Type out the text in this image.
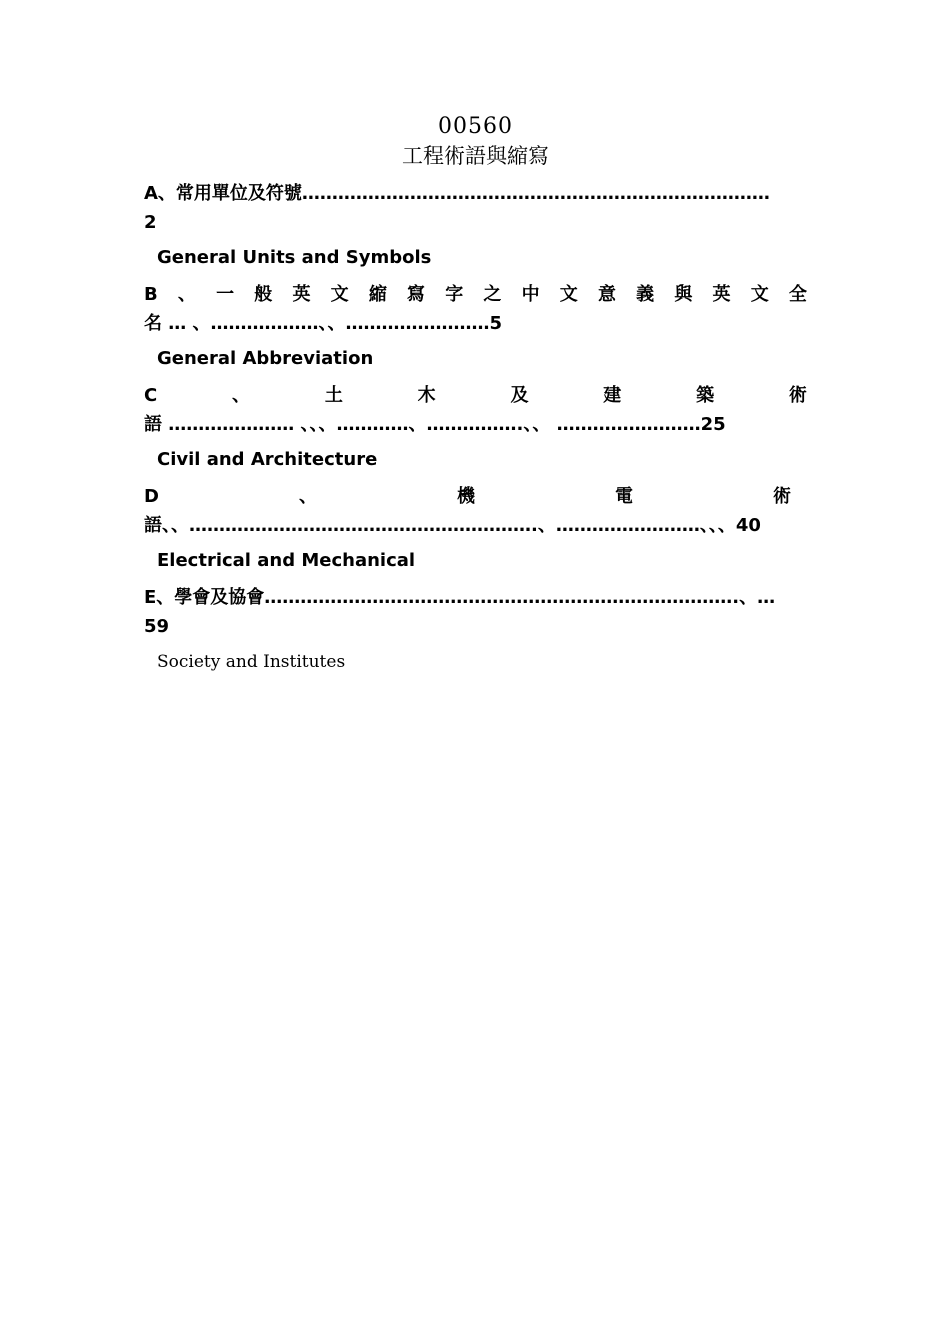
00560
工程術語與縮寫
A、常用單位及符號……………………………………………………………………
2
General Units and Symbols
B 、 一 般 英 文 縮 寫 字 之 中 文 意 義 與 英 文 全
名 … 、………………、、……………………5
General Abbreviation
C	、	土	木	及	建	築	術
語 ………………… 、、、…………、…………….、、 ……………………25
Civil and Architecture
D	、	機	電	術
語、、………………………………………………….、……………………、、、40
Electrical and Mechanical
E、學會及協會…………………………………………………………………….、…
59
Society and Institutes
